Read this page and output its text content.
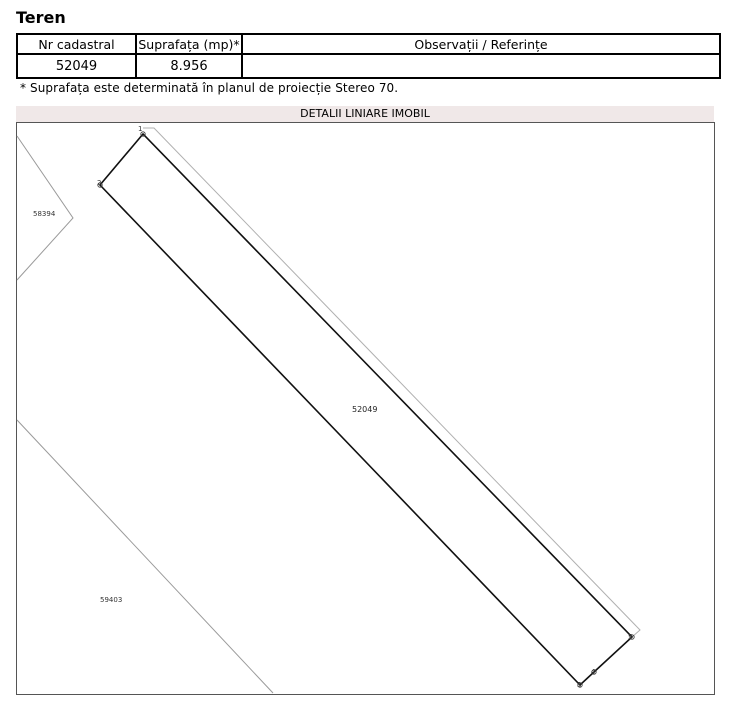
Teren
Nr cadastral	Suprafața (mp)*	Observații / Referințe
52049	8.956	
* Suprafața este determinată în planul de proiecție Stereo 70.
DETALII LINIARE IMOBIL
1
2
3
4
5
52049
58394
59403
